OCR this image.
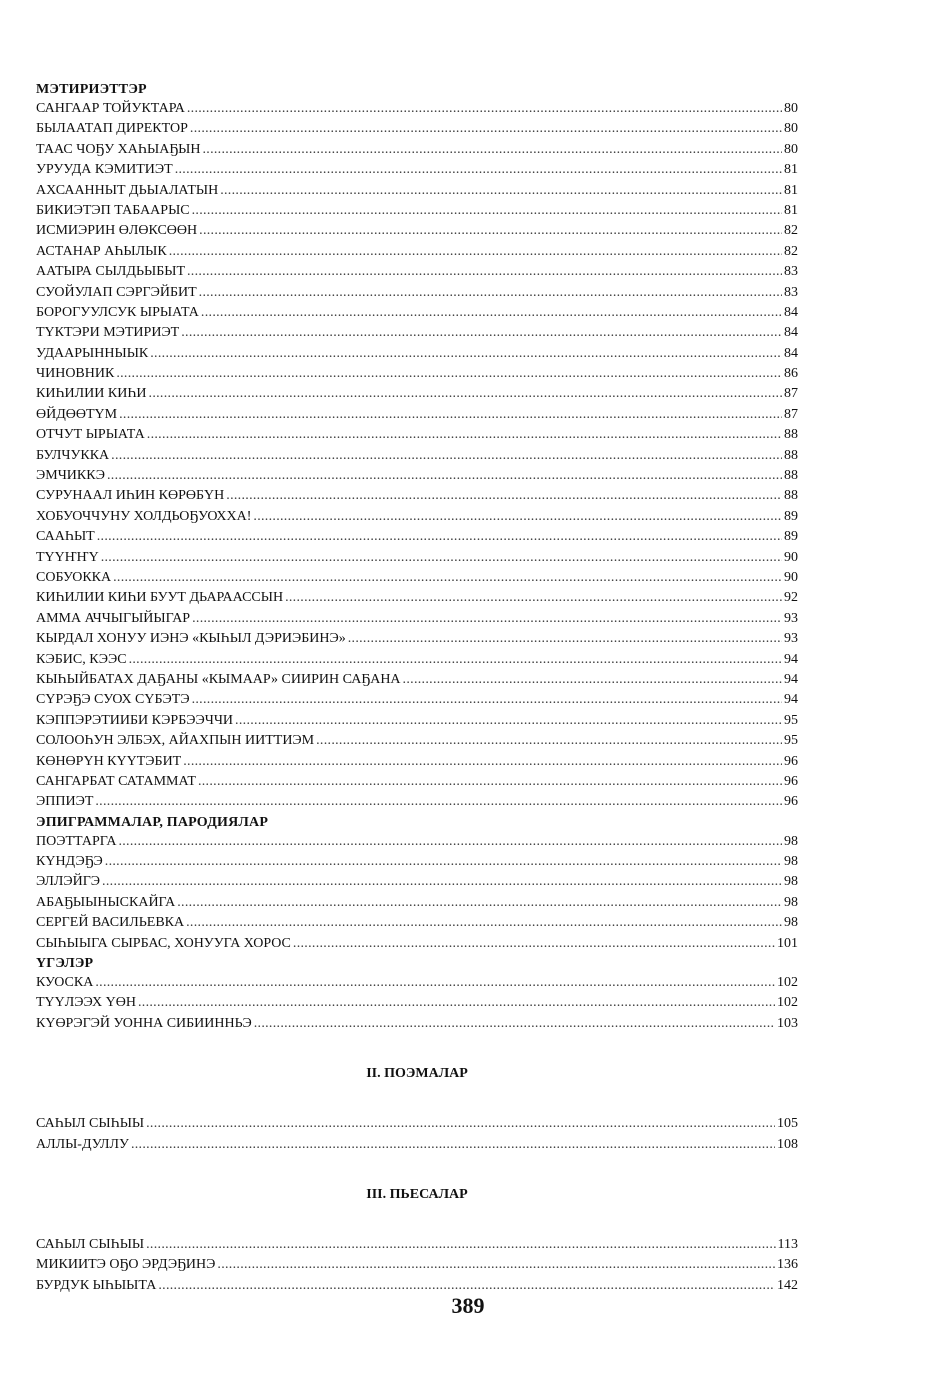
МЭТИРИЭТТЭР
САНГААР ТОЙУКТАРА . . .	80
БЫЛААТАП ДИРЕКТОР . . .	80
ТААС ЧОҔУ ХАҺЫАҔЫН . . .	80
УРУУДА КЭМИТИЭТ . . .	81
АХСААННЫТ ДЬЫАЛАТЫН . . .	81
БИКИЭТЭП ТАБААРЫС . . .	81
ИСМИЭРИН ӨЛӨКСӨӨН . . .	82
АСТАНАР АҺЫЛЫК . . .	82
ААТЫРА СЫЛДЬЫБЫТ . . .	83
СУОЙУЛАП СЭРГЭЙБИТ . . .	83
БОРОГУУЛСУК ЫРЫАТА . . .	84
ТҮКТЭРИ МЭТИРИЭТ . . .	84
УДААРЫННЫЫК . . .	84
ЧИНОВНИК . . .	86
КИҺИЛИИ КИҺИ . . .	87
ӨЙДӨӨТҮМ . . .	87
ОТЧУТ ЫРЫАТА . . .	88
БУЛЧУККА . . .	88
ЭМЧИККЭ . . .	88
СУРУНААЛ ИҺИН КӨРӨБҮН . . .	88
ХОБУОЧЧУНУ ХОЛДЬОҔУОХХА! . . .	89
СААҺЫТ . . .	89
ТҮҮҤҤҮ . . .	90
СОБУОККА . . .	90
КИҺИЛИИ КИҺИ БУУТ ДЬАРААССЫН . . .	92
АММА АЧЧЫГЫЙЫГАР . . .	93
КЫРДАЛ ХОНУУ ИЭНЭ «КЫҺЫЛ ДЭРИЭБИНЭ» . . .	93
КЭБИС, КЭЭС . . .	94
КЫҺЫЙБАТАХ ДАҔАНЫ «КЫМААР» СИИРИН САҔАНА . . .	94
СҮРЭҔЭ СУОХ СҮБЭТЭ . . .	94
КЭППЭРЭТИИБИ КЭРБЭЭЧЧИ . . .	95
СОЛООҺУН ЭЛБЭХ, АЙАХПЫН ИИТТИЭМ . . .	95
КӨНӨРҮН КҮҮТЭБИТ . . .	96
САНГАРБАТ САТАММАТ . . .	96
ЭППИЭТ . . .	96
ЭПИГРАММАЛАР, ПАРОДИЯЛАР
ПОЭТТАРГА . . .	98
КҮНДЭҔЭ . . .	98
ЭЛЛЭЙГЭ . . .	98
АБАҔЫЫНЫСКАЙГА . . .	98
СЕРГЕЙ ВАСИЛЬЕВКА . . .	98
СЫҺЫЫГА СЫРБАС, ХОНУУГА ХОРОС . . .	101
ҮГЭЛЭР
КУОСКА . . .	102
ТҮҮЛЭЭХ ҮӨН . . .	102
КҮӨРЭГЭЙ УОННА СИБИИННЬЭ . . .	103
II. ПОЭМАЛАР
САҺЫЛ СЫҺЫЫ . . .	105
АЛЛЫ-ДУЛЛУ . . .	108
III. ПЬЕСАЛАР
САҺЫЛ СЫҺЫЫ . . .	113
МИКИИТЭ ОҔО ЭРДЭҔИНЭ . . .	136
БУРДУК ЫҺЫЫТА . . .	142
389
